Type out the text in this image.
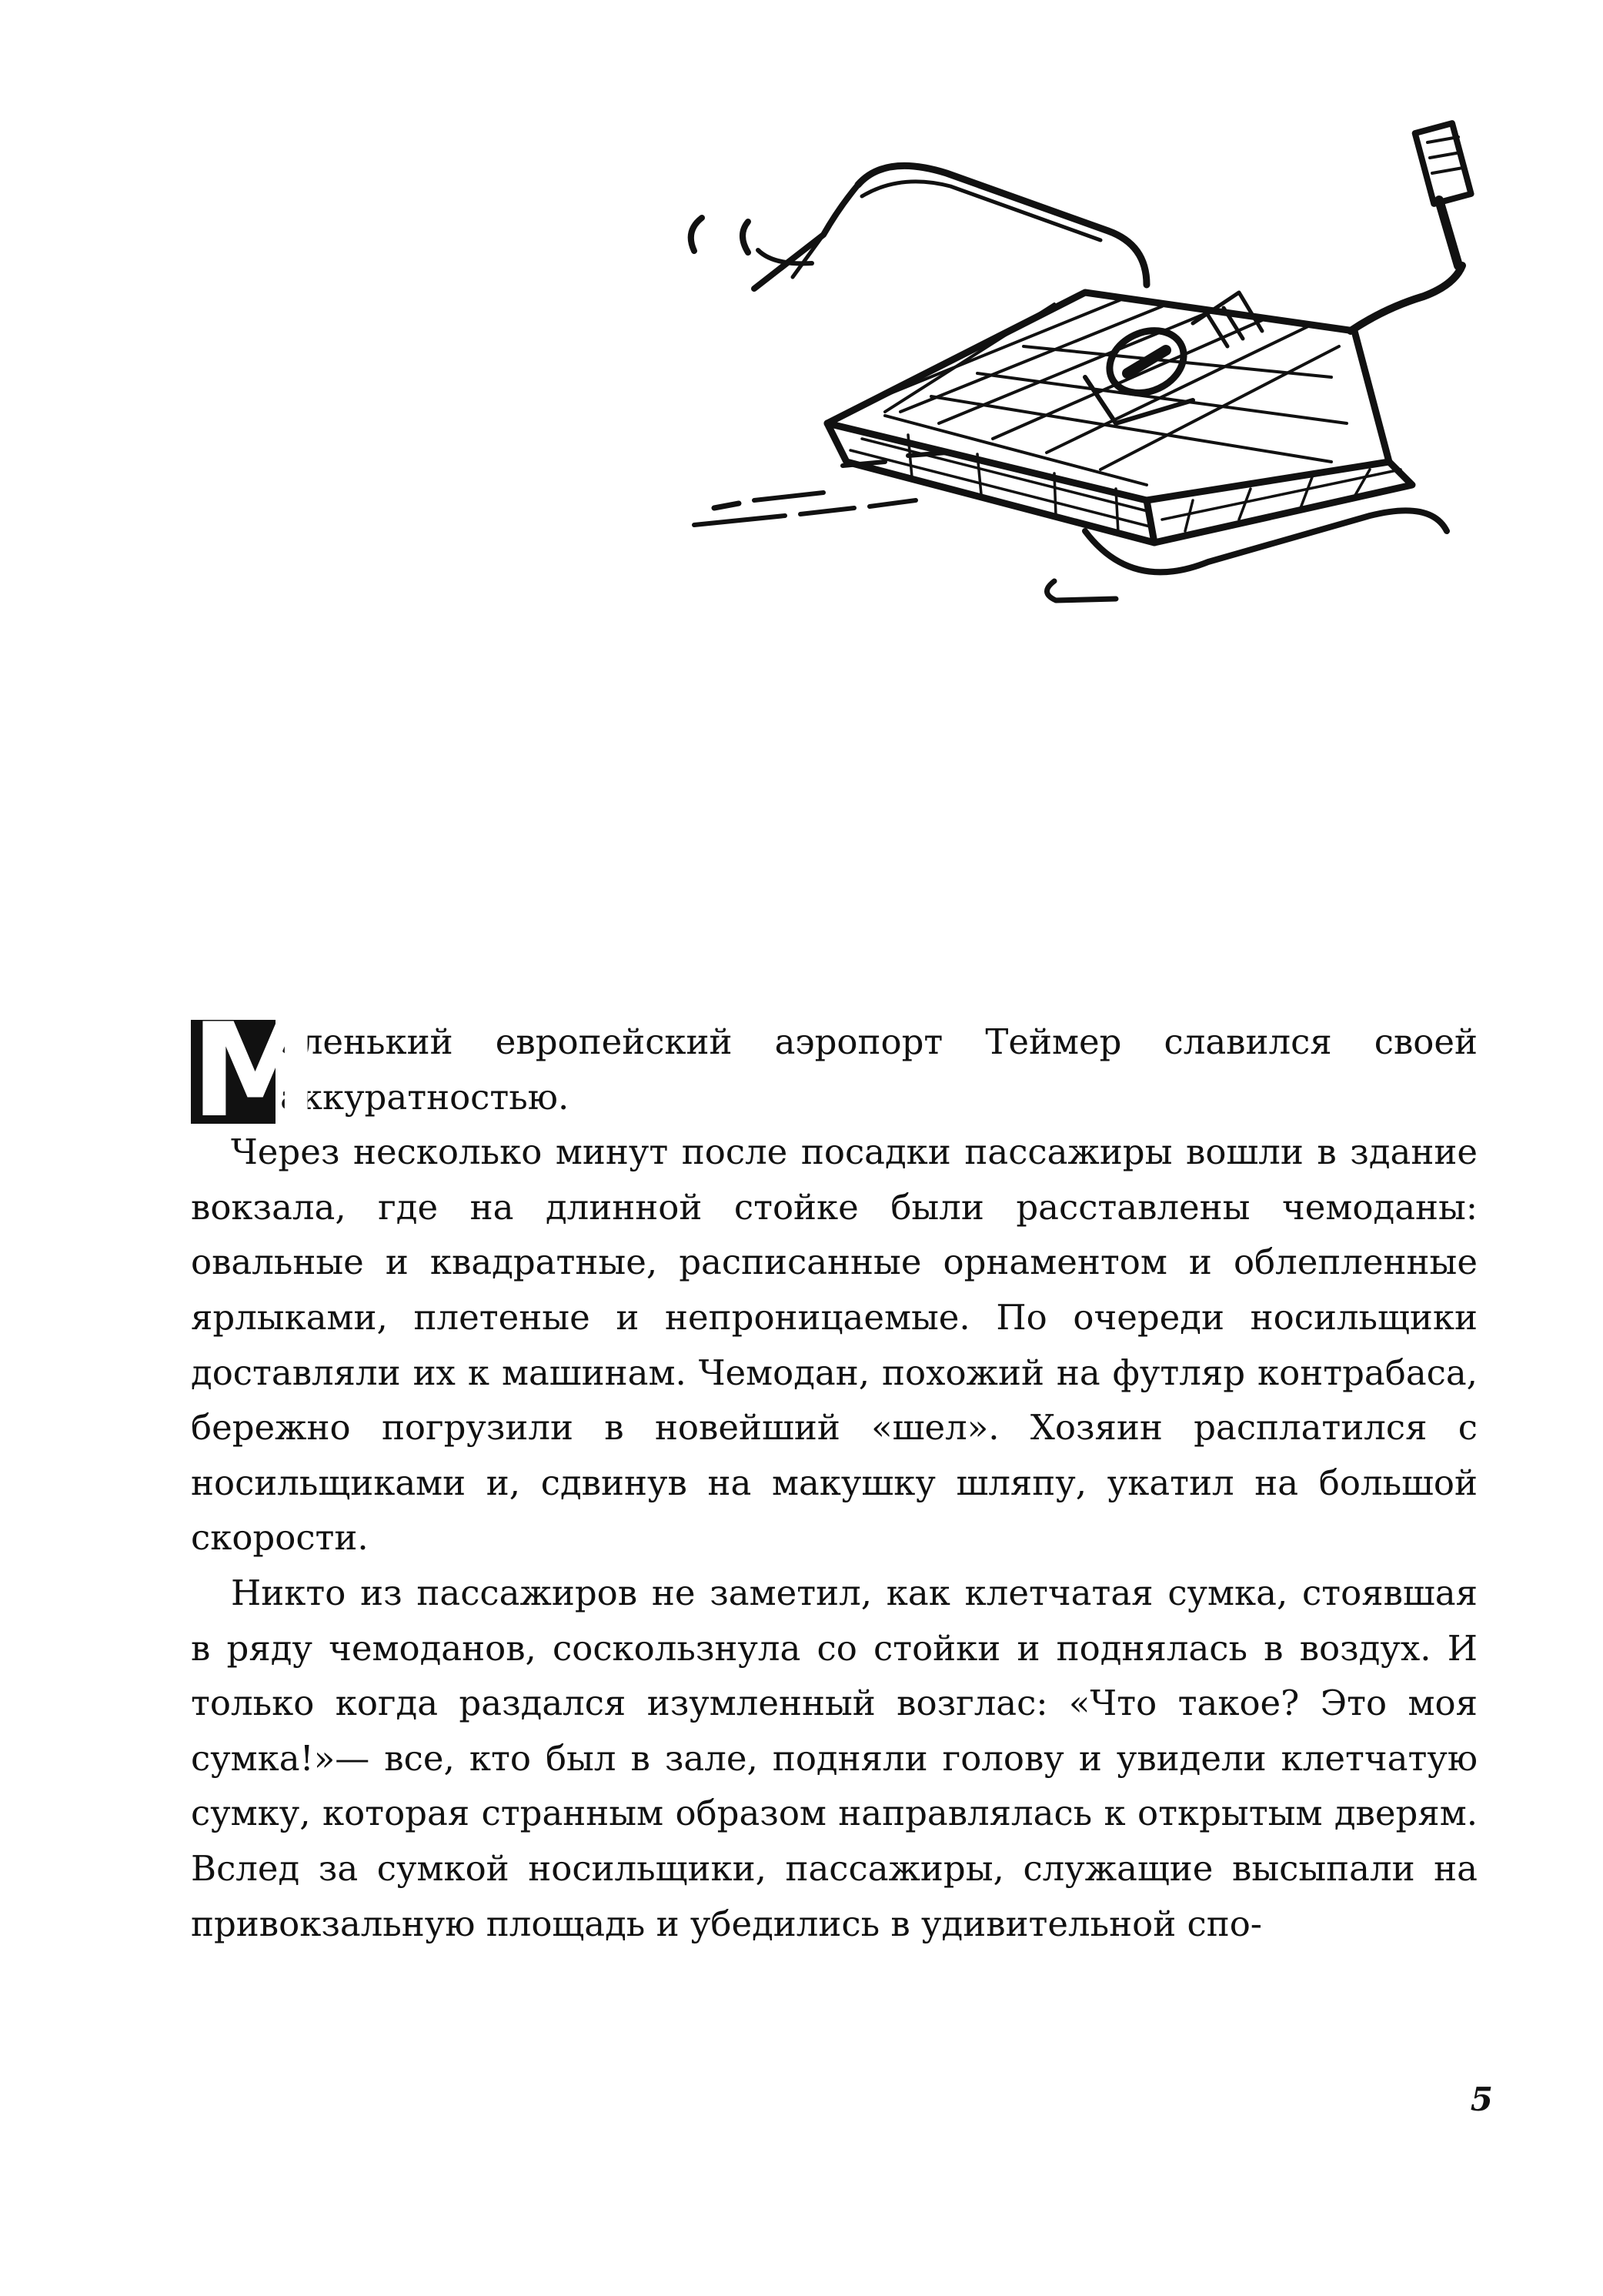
М
аленький европейский аэропорт Теймер славился своей аккуратностью.

Через несколько минут после посадки пассажиры вошли в здание вокзала, где на длинной стойке были расставлены чемоданы: овальные и квадратные, расписанные орнаментом и облепленные ярлыками, плетеные и непроницаемые. По очереди носильщики доставляли их к машинам. Чемодан, похожий на футляр контрабаса, бережно погрузили в новейший «шел». Хозяин расплатился с носильщиками и, сдвинув на макушку шляпу, укатил на большой скорости.

Никто из пассажиров не заметил, как клетчатая сумка, стоявшая в ряду чемоданов, соскользнула со стойки и поднялась в воздух. И только когда раздался изумленный возглас: «Что такое? Это моя сумка!»— все, кто был в зале, подняли голову и увидели клетчатую сумку, которая странным образом направлялась к открытым дверям. Вслед за сумкой носильщики, пассажиры, служащие высыпали на привокзальную площадь и убедились в удивительной спо-

5
